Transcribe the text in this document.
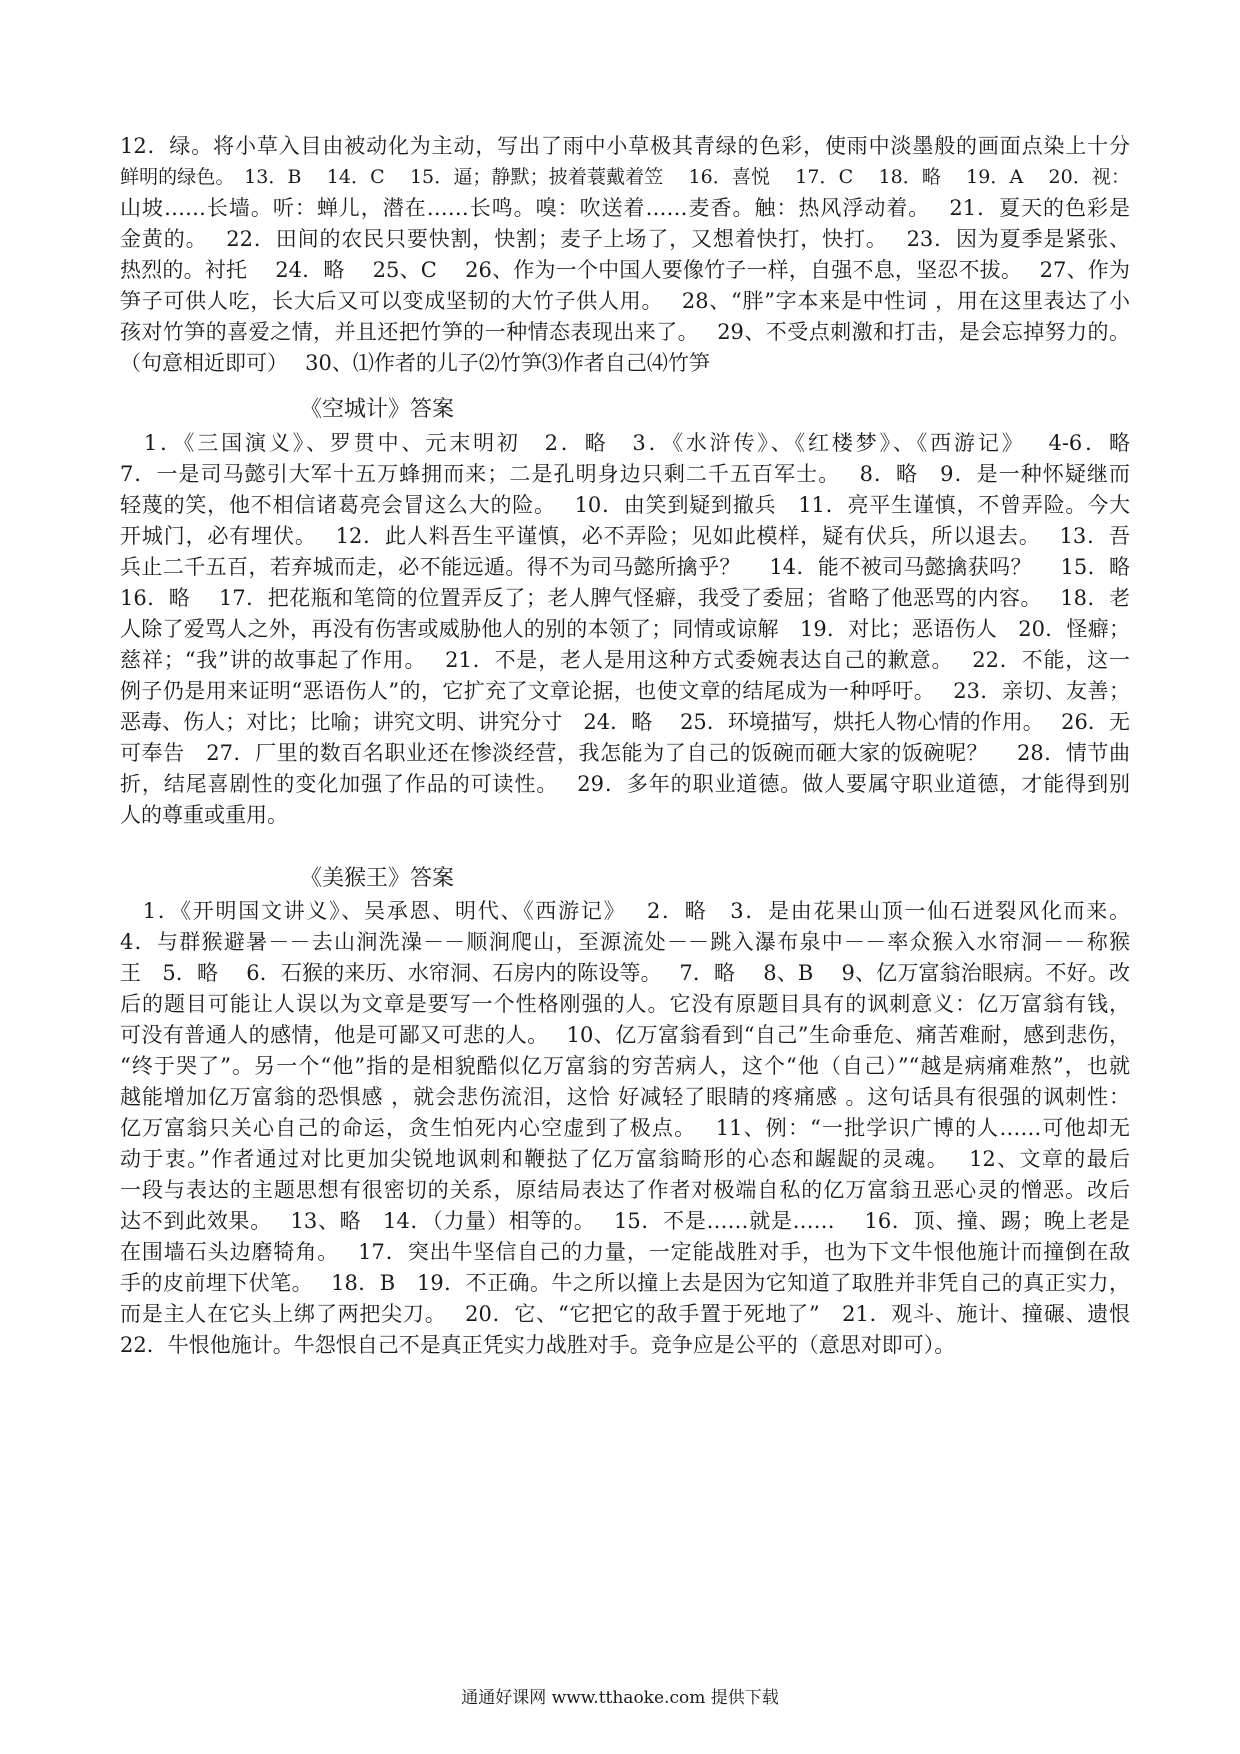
12．绿。将小草入目由被动化为主动，写出了雨中小草极其青绿的色彩，使雨中淡墨般的画面点染上十分
鲜明的绿色。　13．B　 14．C　 15．逼；静默；披着蓑戴着笠　 16．喜悦　 17．C　 18．略　 19．A　 20．视：
山坡……长墙。听：蝉儿，潜在……长鸣。嗅：吹送着……麦香。触：热风浮动着。　 21．夏天的色彩是
金黄的。　 22．田间的农民只要快割，快割；麦子上场了，又想着快打，快打。　 23．因为夏季是紧张、
热烈的。衬托　 24．略　 25、C　 26、作为一个中国人要像竹子一样，自强不息，坚忍不拔。　 27、作为
笋子可供人吃，长大后又可以变成坚韧的大竹子供人用。　 28、“胖”字本来是中性词 ，用在这里表达了小
孩对竹笋的喜爱之情，并且还把竹笋的一种情态表现出来了。　 29、不受点刺激和打击，是会忘掉努力的。
（句意相近即可）　 30、⑴作者的儿子⑵竹笋⑶作者自己⑷竹笋
《空城计》答案
　1．《三国演义》、罗贯中、元末明初　2．略　3．《水浒传》、《红楼梦》、《西游记》　 4-6．略
7．一是司马懿引大军十五万蜂拥而来；二是孔明身边只剩二千五百军士。　 8．略　9．是一种怀疑继而
轻蔑的笑，他不相信诸葛亮会冒这么大的险。　 10．由笑到疑到撤兵　11．亮平生谨慎，不曾弄险。今大
开城门，必有埋伏。　 12．此人料吾生平谨慎，必不弄险；见如此模样，疑有伏兵，所以退去。　 13．吾
兵止二千五百，若弃城而走，必不能远遁。得不为司马懿所擒乎？　 14．能不被司马懿擒获吗？　 15．略
16．略　 17．把花瓶和笔筒的位置弄反了；老人脾气怪癖，我受了委屈；省略了他恶骂的内容。　 18．老
人除了爱骂人之外，再没有伤害或威胁他人的别的本领了；同情或谅解　19．对比；恶语伤人　20．怪癖；
慈祥；“我”讲的故事起了作用。　 21．不是，老人是用这种方式委婉表达自己的歉意。　 22．不能，这一
例子仍是用来证明“恶语伤人”的，它扩充了文章论据，也使文章的结尾成为一种呼吁。　 23．亲切、友善；
恶毒、伤人；对比；比喻；讲究文明、讲究分寸　24．略　 25．环境描写，烘托人物心情的作用。　 26．无
可奉告　27．厂里的数百名职业还在惨淡经营，我怎能为了自己的饭碗而砸大家的饭碗呢？　 28．情节曲
折，结尾喜剧性的变化加强了作品的可读性。　 29．多年的职业道德。做人要属守职业道德，才能得到别
人的尊重或重用。
《美猴王》答案
　1．《开明国文讲义》、吴承恩、明代、《西游记》　 2．略　3．是由花果山顶一仙石迸裂风化而来。
4．与群猴避暑－－去山涧洗澡－－顺涧爬山，至源流处－－跳入瀑布泉中－－率众猴入水帘洞－－称猴
王　5．略　 6．石猴的来历、水帘洞、石房内的陈设等。　 7．略　 8、B　 9、亿万富翁治眼病。不好。改
后的题目可能让人误以为文章是要写一个性格刚强的人。它没有原题目具有的讽刺意义：亿万富翁有钱，
可没有普通人的感情，他是可鄙又可悲的人。　 10、亿万富翁看到“自己”生命垂危、痛苦难耐，感到悲伤，
“终于哭了”。另一个“他”指的是相貌酷似亿万富翁的穷苦病人，这个“他（自己）”“越是病痛难熬”，也就
越能增加亿万富翁的恐惧感 ，就会悲伤流泪，这恰 好减轻了眼睛的疼痛感 。这句话具有很强的讽刺性：
亿万富翁只关心自己的命运，贪生怕死内心空虚到了极点。　 11、例：“一批学识广博的人……可他却无
动于衷。”作者通过对比更加尖锐地讽刺和鞭挞了亿万富翁畸形的心态和龌龊的灵魂。　 12、文章的最后
一段与表达的主题思想有很密切的关系，原结局表达了作者对极端自私的亿万富翁丑恶心灵的憎恶。改后
达不到此效果。　 13、略　14．（力量）相等的。　 15．不是……就是……　 16．顶、撞、踢；晚上老是
在围墙石头边磨犄角。　 17．突出牛坚信自己的力量，一定能战胜对手，也为下文牛恨他施计而撞倒在敌
手的皮前埋下伏笔。　 18．B　19．不正确。牛之所以撞上去是因为它知道了取胜并非凭自己的真正实力，
而是主人在它头上绑了两把尖刀。　 20．它、“它把它的敌手置于死地了”　21．观斗、施计、撞碾、遗恨
22．牛恨他施计。牛怨恨自己不是真正凭实力战胜对手。竞争应是公平的（意思对即可）。
通通好课网 www.tthaoke.com 提供下载
